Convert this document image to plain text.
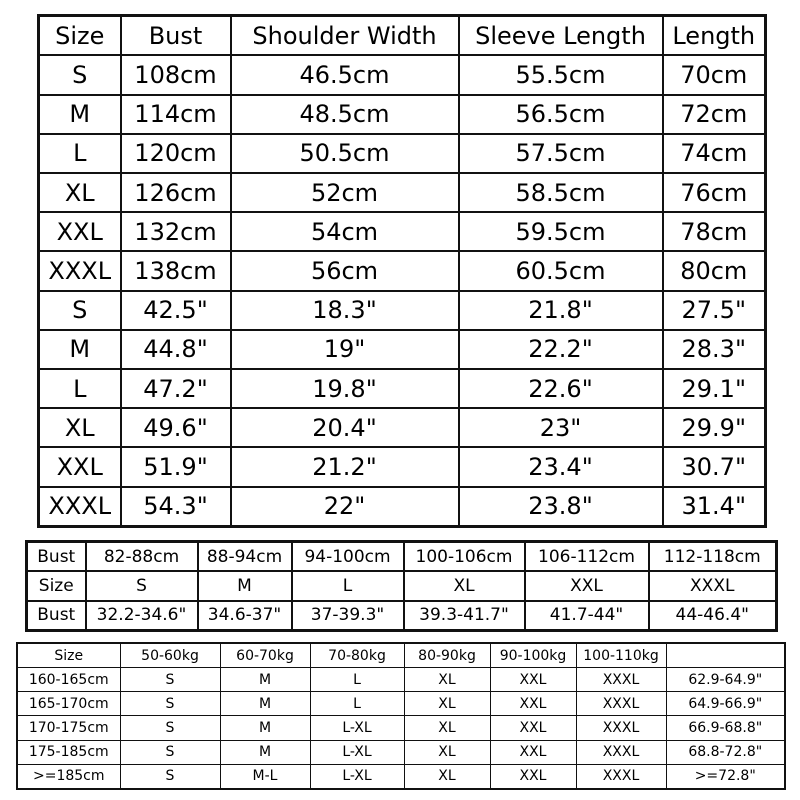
Size	Bust	Shoulder Width	Sleeve Length	Length
S	108cm	46.5cm	55.5cm	70cm
M	114cm	48.5cm	56.5cm	72cm
L	120cm	50.5cm	57.5cm	74cm
XL	126cm	52cm	58.5cm	76cm
XXL	132cm	54cm	59.5cm	78cm
XXXL	138cm	56cm	60.5cm	80cm
S	42.5"	18.3"	21.8"	27.5"
M	44.8"	19"	22.2"	28.3"
L	47.2"	19.8"	22.6"	29.1"
XL	49.6"	20.4"	23"	29.9"
XXL	51.9"	21.2"	23.4"	30.7"
XXXL	54.3"	22"	23.8"	31.4"
Bust	82-88cm	88-94cm	94-100cm	100-106cm	106-112cm	112-118cm
Size	S	M	L	XL	XXL	XXXL
Bust	32.2-34.6"	34.6-37"	37-39.3"	39.3-41.7"	41.7-44"	44-46.4"
Size	50-60kg	60-70kg	70-80kg	80-90kg	90-100kg	100-110kg	
160-165cm	S	M	L	XL	XXL	XXXL	62.9-64.9"
165-170cm	S	M	L	XL	XXL	XXXL	64.9-66.9"
170-175cm	S	M	L-XL	XL	XXL	XXXL	66.9-68.8"
175-185cm	S	M	L-XL	XL	XXL	XXXL	68.8-72.8"
>=185cm	S	M-L	L-XL	XL	XXL	XXXL	>=72.8"
